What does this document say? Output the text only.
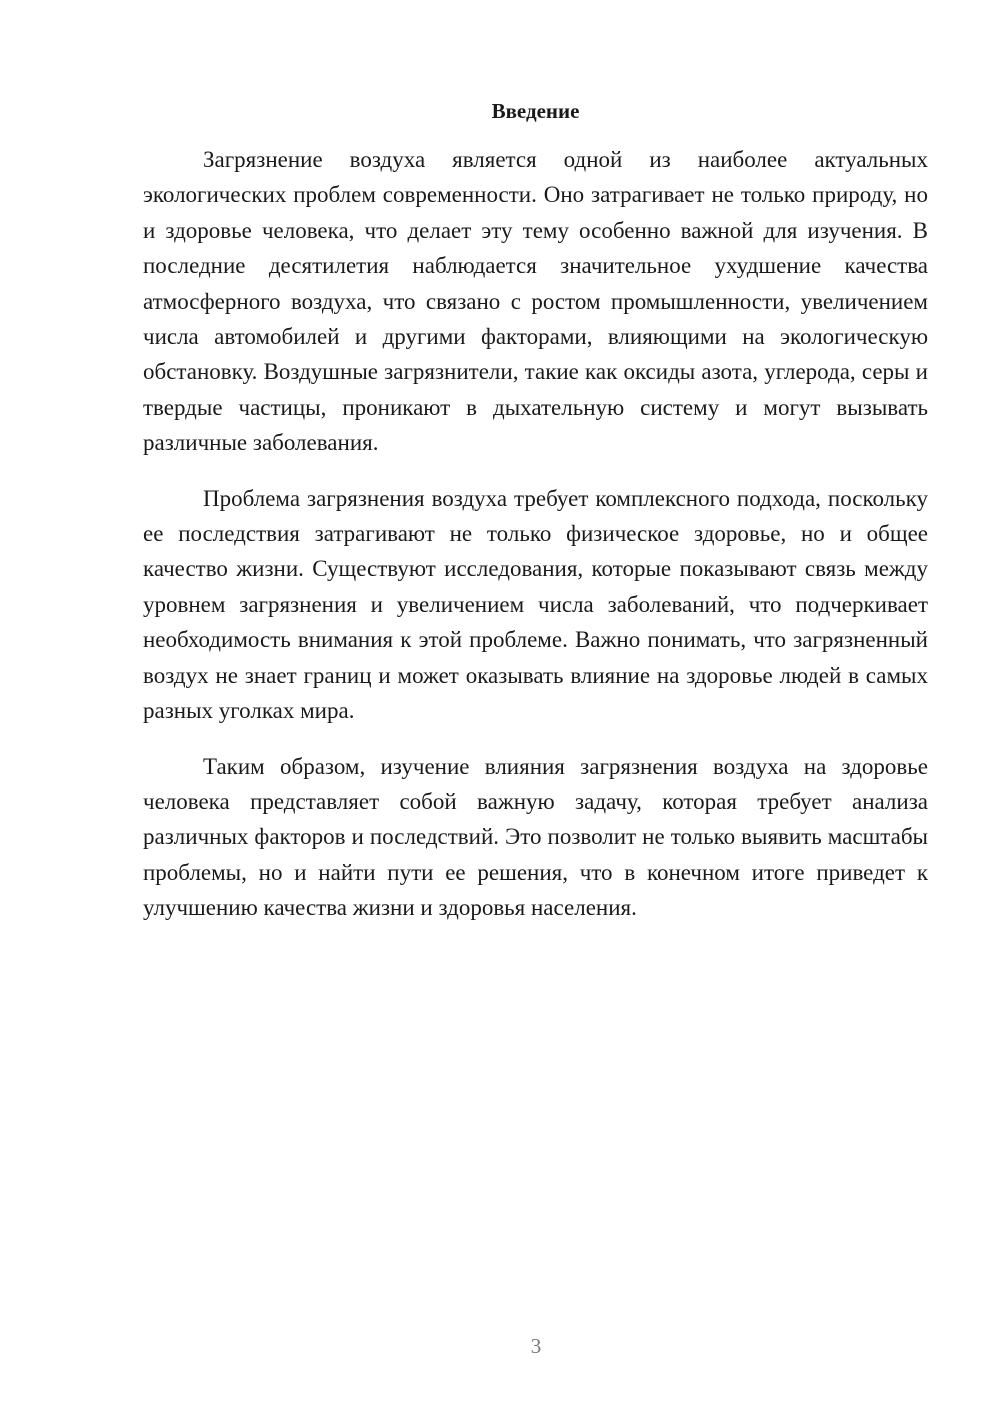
Введение

Загрязнение воздуха является одной из наиболее актуальных экологических проблем современности. Оно затрагивает не только природу, но и здоровье человека, что делает эту тему особенно важной для изучения. В последние десятилетия наблюдается значительное ухудшение качества атмосферного воздуха, что связано с ростом промышленности, увеличением числа автомобилей и другими факторами, влияющими на экологическую обстановку. Воздушные загрязнители, такие как оксиды азота, углерода, серы и твердые частицы, проникают в дыхательную систему и могут вызывать различные заболевания.

Проблема загрязнения воздуха требует комплексного подхода, поскольку ее последствия затрагивают не только физическое здоровье, но и общее качество жизни. Существуют исследования, которые показывают связь между уровнем загрязнения и увеличением числа заболеваний, что подчеркивает необходимость внимания к этой проблеме. Важно понимать, что загрязненный воздух не знает границ и может оказывать влияние на здоровье людей в самых разных уголках мира.

Таким образом, изучение влияния загрязнения воздуха на здоровье человека представляет собой важную задачу, которая требует анализа различных факторов и последствий. Это позволит не только выявить масштабы проблемы, но и найти пути ее решения, что в конечном итоге приведет к улучшению качества жизни и здоровья населения.

3
